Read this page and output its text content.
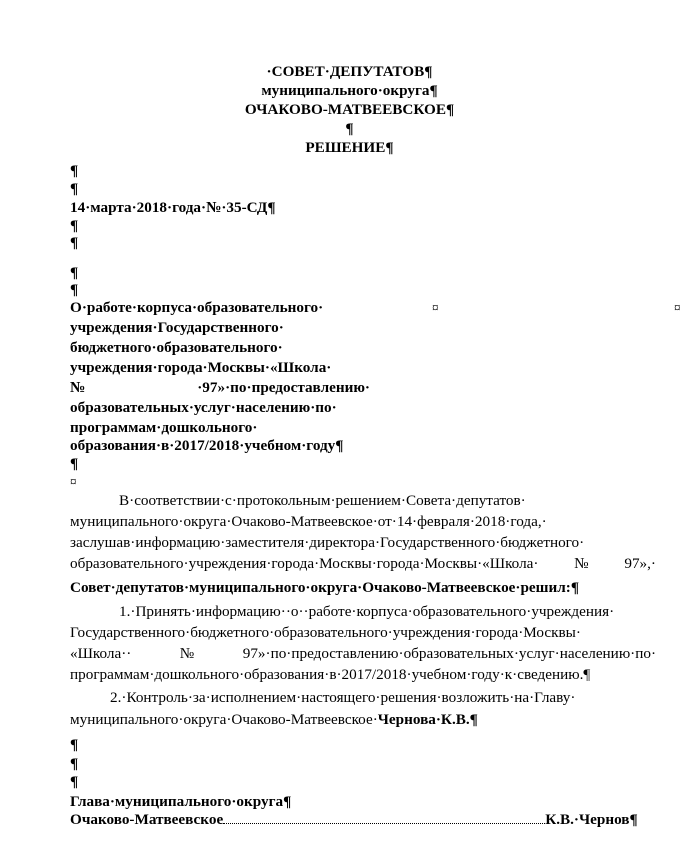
·СОВЕТ·ДЕПУТАТОВ¶
муниципального·округа¶
ОЧАКОВО-МАТВЕЕВСКОЕ¶
¶
РЕШЕНИЕ¶
¶
¶
14·марта·2018·года·№·35-СД¶
¶
¶
¶
¶
О·работе·корпуса·образовательного·
учреждения·Государственного·
бюджетного·образовательного·
учреждения·города·Москвы·«Школа·
№·97»·по·предоставлению·
образовательных·услуг·населению·по·
программам·дошкольного·
образования·в·2017/2018·учебном·году¶
¤	¤
¶
¤
В·соответствии·с·протокольным·решением·Совета·депутатов·
муниципального·округа·Очаково-Матвеевское·от·14·февраля·2018·года,·
заслушав·информацию·заместителя·директора·Государственного·бюджетного·
образовательного·учреждения·города·Москвы·города·Москвы·«Школа·№97»,·
Совет·депутатов·муниципального·округа·Очаково-Матвеевское·решил:¶
1.·Принять·информацию··о··работе·корпуса·образовательного·учреждения·
Государственного·бюджетного·образовательного·учреждения·города·Москвы·
«Школа··№97»·по·предоставлению·образовательных·услуг·населению·по·
программам·дошкольного·образования·в·2017/2018·учебном·году·к·сведению.¶
2.·Контроль·за·исполнением·настоящего·решения·возложить·на·Главу·
муниципального·округа·Очаково-Матвеевское·Чернова·К.В.¶
¶
¶
¶
Глава·муниципального·округа¶
Очаково-Матвеевское	К.В.·Чернов¶
